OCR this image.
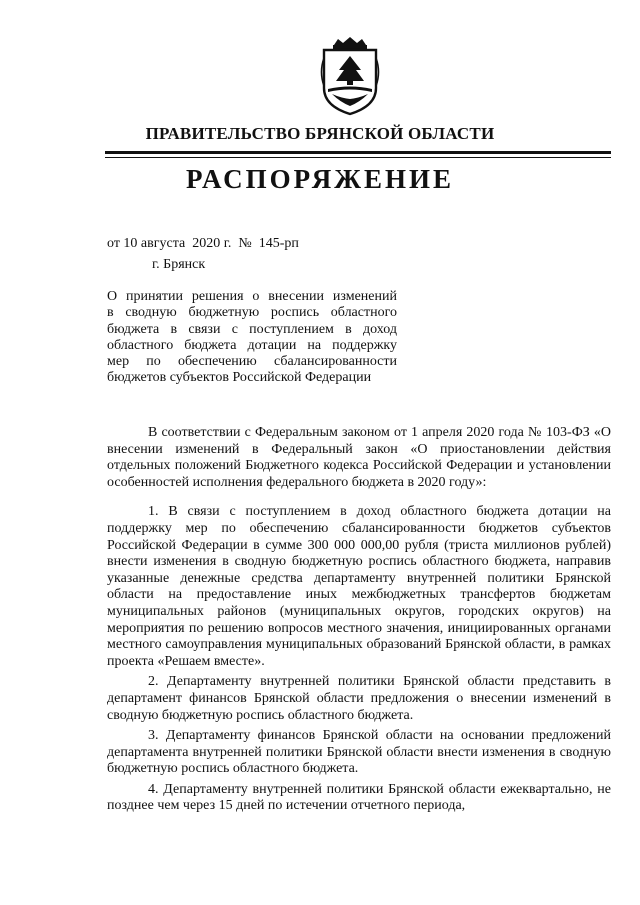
ПРАВИТЕЛЬСТВО БРЯНСКОЙ ОБЛАСТИ
РАСПОРЯЖЕНИЕ
от 10 августа  2020 г.  №  145-рп
г. Брянск
О принятии решения о внесении изменений
в сводную бюджетную роспись областного
бюджета в связи с поступлением в доход
областного бюджета дотации на поддержку
мер по обеспечению сбалансированности
бюджетов субъектов Российской Федерации

В соответствии с Федеральным законом от 1 апреля 2020 года № 103-ФЗ «О внесении изменений в Федеральный закон «О приостановлении действия отдельных положений Бюджетного кодекса Российской Федерации и установлении особенностей исполнения федерального бюджета в 2020 году»:

1. В связи с поступлением в доход областного бюджета дотации на поддержку мер по обеспечению сбалансированности бюджетов субъектов Российской Федерации в сумме 300 000 000,00 рубля (триста миллионов рублей) внести изменения в сводную бюджетную роспись областного бюджета, направив указанные денежные средства департаменту внутренней политики Брянской области на предоставление иных межбюджетных трансфертов бюджетам муниципальных районов (муниципальных округов, городских округов) на мероприятия по решению вопросов местного значения, инициированных органами местного самоуправления муниципальных образований Брянской области, в рамках проекта «Решаем вместе».

2. Департаменту внутренней политики Брянской области представить в департамент финансов Брянской области предложения о внесении изменений в сводную бюджетную роспись областного бюджета.

3. Департаменту финансов Брянской области на основании предложений департамента внутренней политики Брянской области внести изменения в сводную бюджетную роспись областного бюджета.

4. Департаменту внутренней политики Брянской области ежеквартально, не позднее чем через 15 дней по истечении отчетного периода,
